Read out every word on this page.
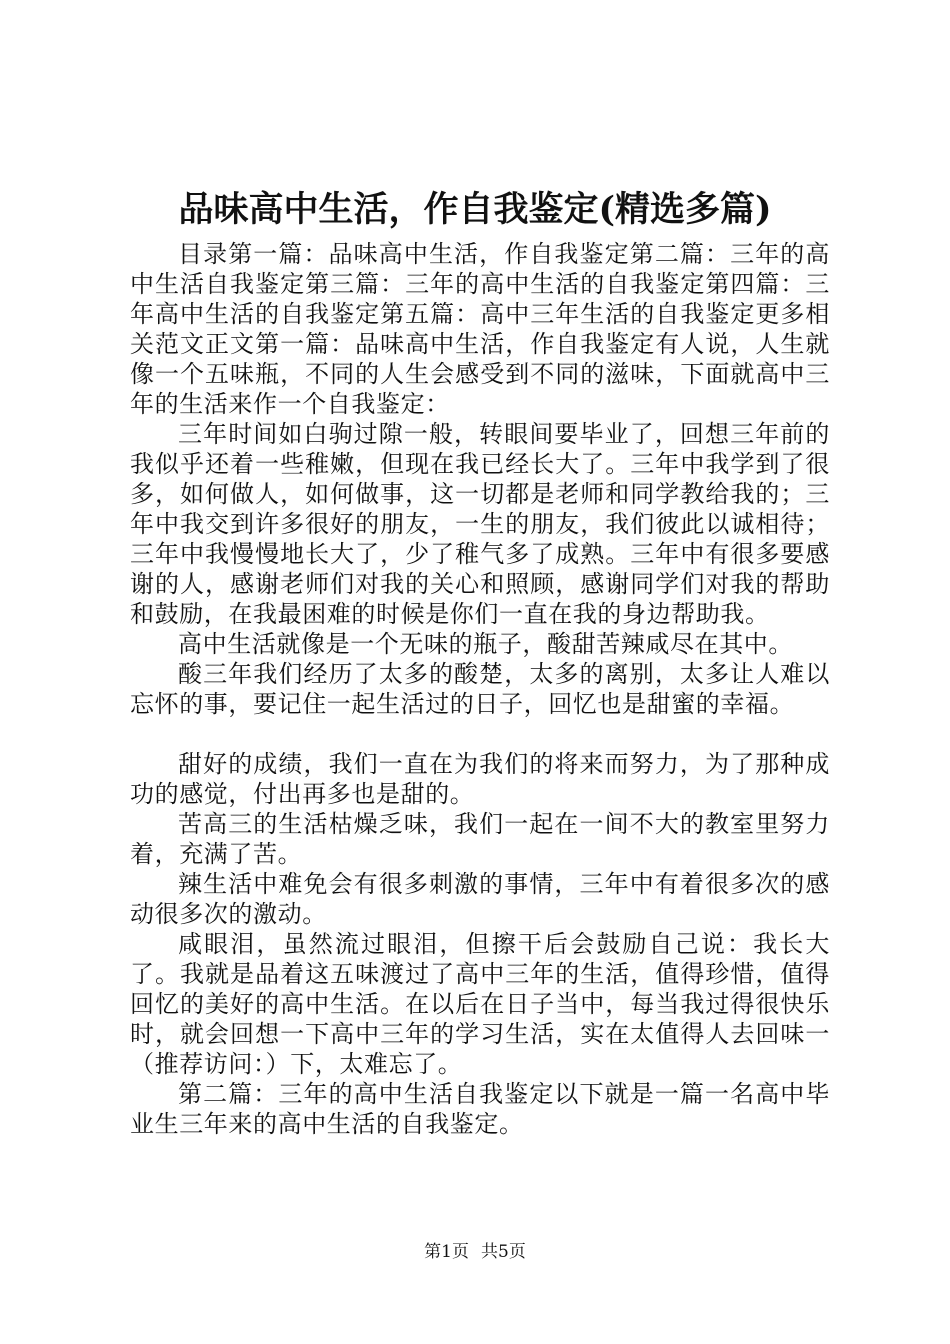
品味高中生活，作自我鉴定(精选多篇)

目录第一篇：品味高中生活，作自我鉴定第二篇：三年的高中生活自我鉴定第三篇：三年的高中生活的自我鉴定第四篇：三年高中生活的自我鉴定第五篇：高中三年生活的自我鉴定更多相关范文正文第一篇：品味高中生活，作自我鉴定有人说，人生就像一个五味瓶，不同的人生会感受到不同的滋味，下面就高中三年的生活来作一个自我鉴定：

三年时间如白驹过隙一般，转眼间要毕业了，回想三年前的我似乎还着一些稚嫩，但现在我已经长大了。三年中我学到了很多，如何做人，如何做事，这一切都是老师和同学教给我的；三年中我交到许多很好的朋友，一生的朋友，我们彼此以诚相待；三年中我慢慢地长大了，少了稚气多了成熟。三年中有很多要感谢的人，感谢老师们对我的关心和照顾，感谢同学们对我的帮助和鼓励，在我最困难的时候是你们一直在我的身边帮助我。

高中生活就像是一个无味的瓶子，酸甜苦辣咸尽在其中。

酸三年我们经历了太多的酸楚，太多的离别，太多让人难以忘怀的事，要记住一起生活过的日子，回忆也是甜蜜的幸福。

甜好的成绩，我们一直在为我们的将来而努力，为了那种成功的感觉，付出再多也是甜的。

苦高三的生活枯燥乏味，我们一起在一间不大的教室里努力着，充满了苦。

辣生活中难免会有很多刺激的事情，三年中有着很多次的感动很多次的激动。

咸眼泪，虽然流过眼泪，但擦干后会鼓励自己说：我长大了。我就是品着这五味渡过了高中三年的生活，值得珍惜，值得回忆的美好的高中生活。在以后在日子当中，每当我过得很快乐时，就会回想一下高中三年的学习生活，实在太值得人去回味一（推荐访问：）下，太难忘了。

第二篇：三年的高中生活自我鉴定以下就是一篇一名高中毕业生三年来的高中生活的自我鉴定。

第1页 共5页
